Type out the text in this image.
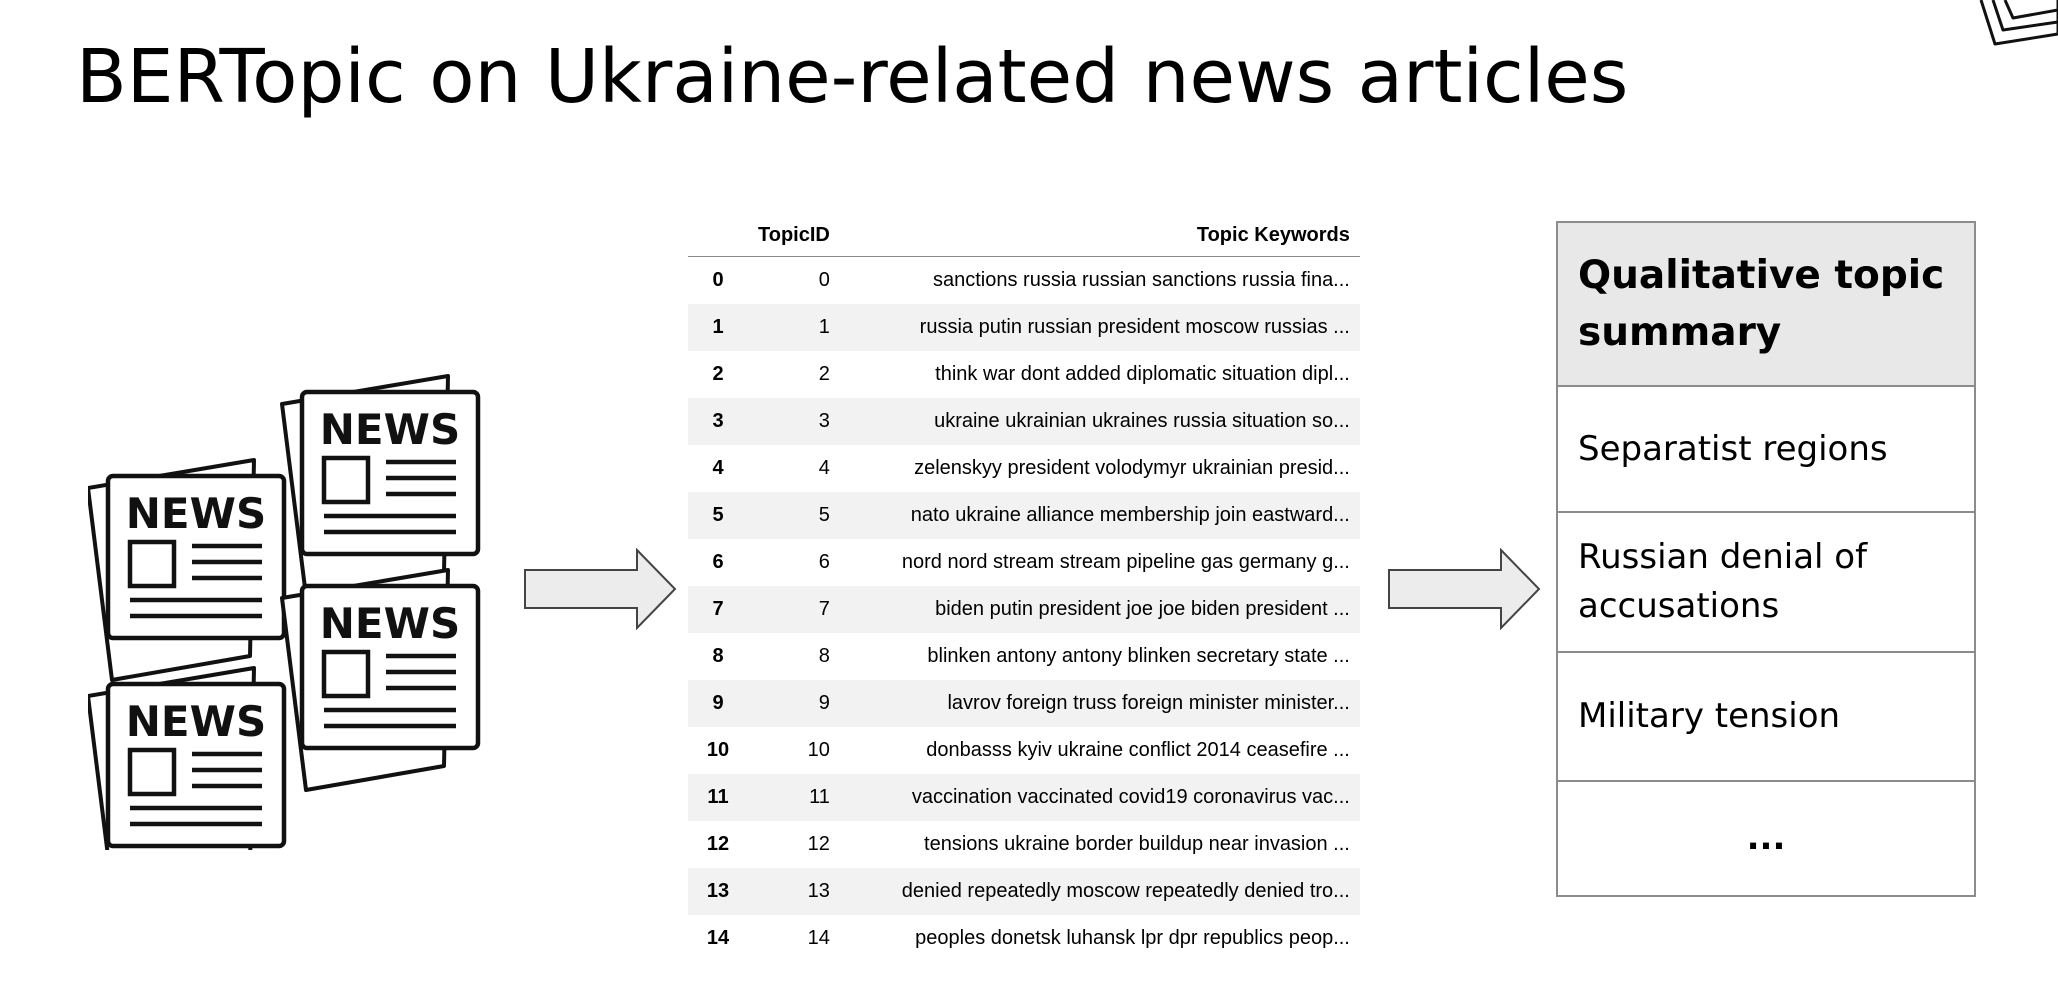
BERTopic on Ukraine-related news articles
NEWS
NEWS
NEWS
NEWS
	TopicID	Topic Keywords
0	0	sanctions russia russian sanctions russia fina...
1	1	russia putin russian president moscow russias ...
2	2	think war dont added diplomatic situation dipl...
3	3	ukraine ukrainian ukraines russia situation so...
4	4	zelenskyy president volodymyr ukrainian presid...
5	5	nato ukraine alliance membership join eastward...
6	6	nord nord stream stream pipeline gas germany g...
7	7	biden putin president joe joe biden president ...
8	8	blinken antony antony blinken secretary state ...
9	9	lavrov foreign truss foreign minister minister...
10	10	donbasss kyiv ukraine conflict 2014 ceasefire ...
11	11	vaccination vaccinated covid19 coronavirus vac...
12	12	tensions ukraine border buildup near invasion ...
13	13	denied repeatedly moscow repeatedly denied tro...
14	14	peoples donetsk luhansk lpr dpr republics peop...
Qualitative topic summary
Separatist regions
Russian denial of accusations
Military tension
...
